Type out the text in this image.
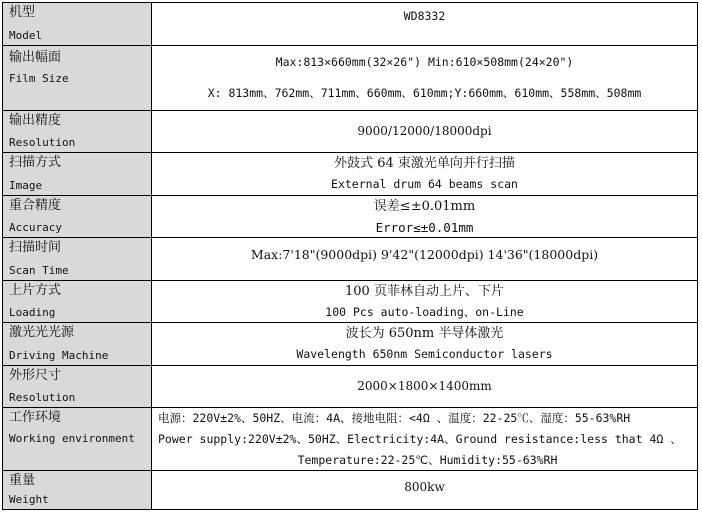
机型
Model
WD8332
输出幅面
Film Size
Max:813×660mm(32×26") Min:610×508mm(24×20")
X: 813mm、762mm、711mm、660mm、610mm;Y:660mm、610mm、558mm、508mm
输出精度
Resolution
9000/12000/18000dpi
扫描方式
Image
外鼓式 64 束激光单向并行扫描
External drum 64 beams scan
重合精度
Accuracy
误差≤±0.01mm
Error≤±0.01mm
扫描时间
Scan Time
Max:7'18"(9000dpi) 9'42"(12000dpi) 14'36"(18000dpi)
上片方式
Loading
100 页菲林自动上片、下片
100 Pcs auto-loading、on-Line
激光光光源
Driving Machine
波长为 650nm 半导体激光
Wavelength 650nm Semiconductor lasers
外形尺寸
Resolution
2000×1800×1400mm
工作环境
Working environment
电源：220V±2%、50HZ、电流：4A、接地电阻：<4Ω 、温度：22-25℃、湿度：55-63%RH
Power supply:220V±2%、50HZ、Electricity:4A、Ground resistance:less that 4Ω 、
Temperature:22-25℃、Humidity:55-63%RH
重量
Weight
800kw
